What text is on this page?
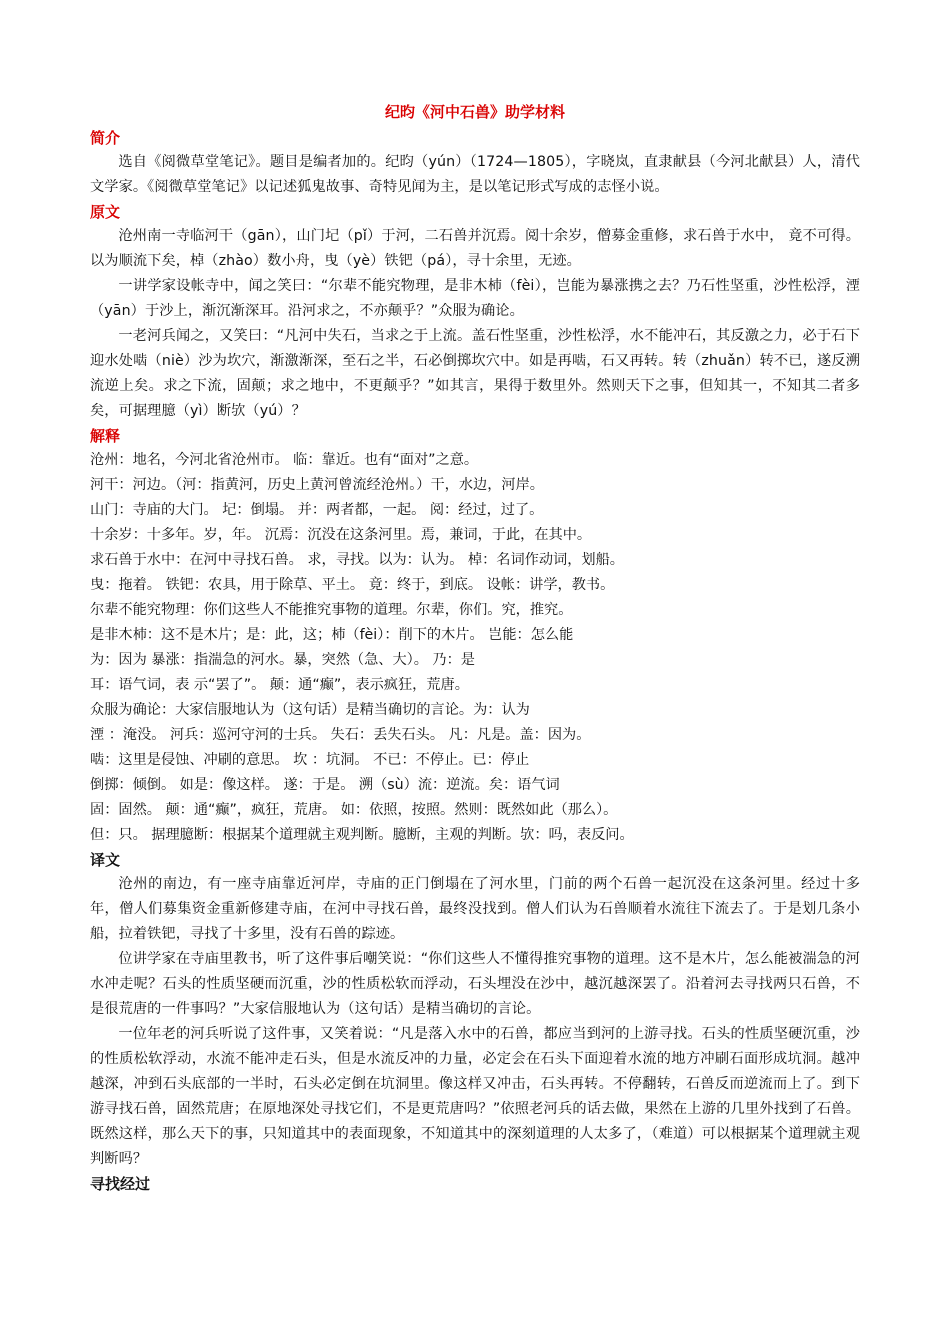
纪昀《河中石兽》助学材料

简介

选自《阅微草堂笔记》。题目是编者加的。纪昀（yún）（1724—1805），字晓岚，直隶献县（今河北献县）人，清代文学家。《阅微草堂笔记》以记述狐鬼故事、奇特见闻为主，是以笔记形式写成的志怪小说。

原文

沧州南一寺临河干（gān），山门圮（pǐ）于河，二石兽并沉焉。阅十余岁，僧募金重修，求石兽于水中， 竟不可得。以为顺流下矣，棹（zhào）数小舟，曳（yè）铁钯（pá），寻十余里，无迹。

一讲学家设帐寺中，闻之笑曰：“尔辈不能究物理，是非木杮（fèi），岂能为暴涨携之去？乃石性坚重，沙性松浮，湮（yān）于沙上，渐沉渐深耳。沿河求之，不亦颠乎？”众服为确论。

一老河兵闻之，又笑曰：“凡河中失石，当求之于上流。盖石性坚重，沙性松浮，水不能冲石，其反激之力，必于石下迎水处啮（niè）沙为坎穴，渐激渐深，至石之半，石必倒掷坎穴中。如是再啮，石又再转。转（zhuǎn）转不已，遂反溯流逆上矣。求之下流，固颠；求之地中，不更颠乎？”如其言，果得于数里外。然则天下之事，但知其一，不知其二者多矣，可据理臆（yì）断欤（yú）？

解释

沧州：地名，今河北省沧州市。 临：靠近。也有“面对”之意。

河干：河边。（河：指黄河，历史上黄河曾流经沧州。）干，水边，河岸。

山门：寺庙的大门。 圮：倒塌。 并：两者都，一起。 阅：经过，过了。

十余岁：十多年。岁，年。 沉焉：沉没在这条河里。焉，兼词，于此，在其中。

求石兽于水中：在河中寻找石兽。 求，寻找。以为：认为。 棹：名词作动词，划船。

曳：拖着。 铁钯：农具，用于除草、平土。 竟：终于，到底。 设帐：讲学，教书。

尔辈不能究物理：你们这些人不能推究事物的道理。尔辈，你们。究，推究。

是非木杮：这不是木片；是：此，这；杮（fèi）：削下的木片。 岂能：怎么能

为：因为 暴涨：指湍急的河水。暴，突然（急、大）。 乃：是

耳：语气词，表 示“罢了”。 颠：通“癫”，表示疯狂，荒唐。

众服为确论：大家信服地认为（这句话）是精当确切的言论。为：认为

湮 ：淹没。 河兵：巡河守河的士兵。 失石：丢失石头。 凡：凡是。盖：因为。

啮：这里是侵蚀、冲刷的意思。 坎 ：坑洞。 不已：不停止。已：停止

倒掷：倾倒。 如是：像这样。 遂：于是。 溯（sù）流：逆流。矣：语气词

固：固然。 颠：通“癫”，疯狂，荒唐。 如：依照，按照。然则：既然如此（那么）。

但：只。 据理臆断：根据某个道理就主观判断。臆断，主观的判断。欤：吗，表反问。

译文

沧州的南边，有一座寺庙靠近河岸，寺庙的正门倒塌在了河水里，门前的两个石兽一起沉没在这条河里。经过十多年，僧人们募集资金重新修建寺庙，在河中寻找石兽，最终没找到。僧人们认为石兽顺着水流往下流去了。于是划几条小船，拉着铁钯，寻找了十多里，没有石兽的踪迹。

位讲学家在寺庙里教书，听了这件事后嘲笑说：“你们这些人不懂得推究事物的道理。这不是木片，怎么能被湍急的河水冲走呢？石头的性质坚硬而沉重，沙的性质松软而浮动，石头埋没在沙中，越沉越深罢了。沿着河去寻找两只石兽，不是很荒唐的一件事吗？”大家信服地认为（这句话）是精当确切的言论。

一位年老的河兵听说了这件事，又笑着说：“凡是落入水中的石兽，都应当到河的上游寻找。石头的性质坚硬沉重，沙的性质松软浮动，水流不能冲走石头，但是水流反冲的力量，必定会在石头下面迎着水流的地方冲刷石面形成坑洞。越冲越深，冲到石头底部的一半时，石头必定倒在坑洞里。像这样又冲击，石头再转。不停翻转，石兽反而逆流而上了。到下游寻找石兽，固然荒唐；在原地深处寻找它们，不是更荒唐吗？”依照老河兵的话去做，果然在上游的几里外找到了石兽。既然这样，那么天下的事，只知道其中的表面现象，不知道其中的深刻道理的人太多了，（难道）可以根据某个道理就主观判断吗？

寻找经过
